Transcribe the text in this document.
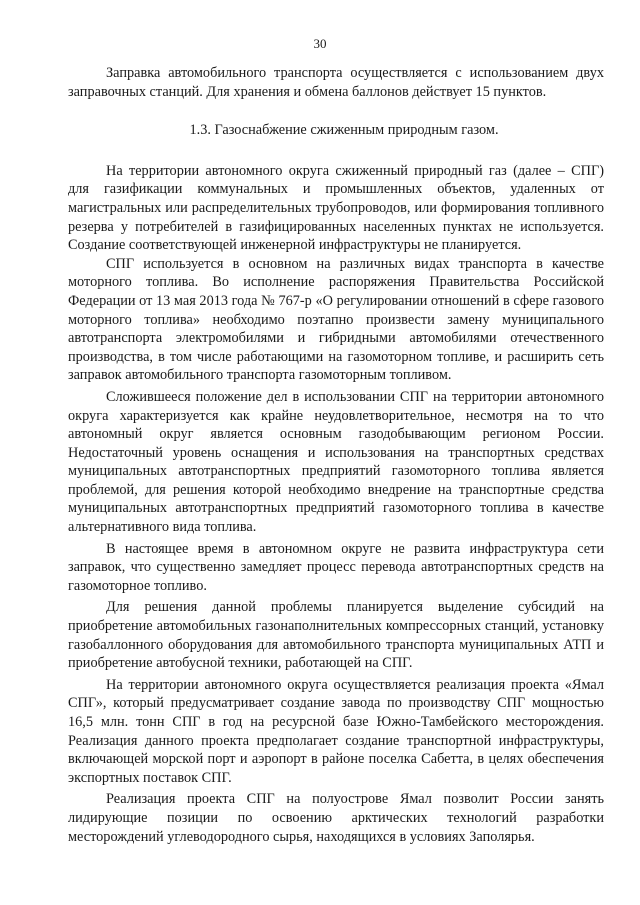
30

Заправка автомобильного транспорта осуществляется с использованием двух заправочных станций. Для хранения и обмена баллонов действует 15 пунктов.

1.3. Газоснабжение сжиженным природным газом.

На территории автономного округа сжиженный природный газ (далее – СПГ) для газификации коммунальных и промышленных объектов, удаленных от магистральных или распределительных трубопроводов, или формирования топливного резерва у потребителей в газифицированных населенных пунктах не используется. Создание соответствующей инженерной инфраструктуры не планируется.

СПГ используется в основном на различных видах транспорта в качестве моторного топлива. Во исполнение распоряжения Правительства Российской Федерации от 13 мая 2013 года № 767-р «О регулировании отношений в сфере газового моторного топлива» необходимо поэтапно произвести замену муниципального автотранспорта электромобилями и гибридными автомобилями отечественного производства, в том числе работающими на газомоторном топливе, и расширить сеть заправок автомобильного транспорта газомоторным топливом.

Сложившееся положение дел в использовании СПГ на территории автономного округа характеризуется как крайне неудовлетворительное, несмотря на то что автономный округ является основным газодобывающим регионом России. Недостаточный уровень оснащения и использования на транспортных средствах муниципальных автотранспортных предприятий газомоторного топлива является проблемой, для решения которой необходимо внедрение на транспортные средства муниципальных автотранспортных предприятий газомоторного топлива в качестве альтернативного вида топлива.

В настоящее время в автономном округе не развита инфраструктура сети заправок, что существенно замедляет процесс перевода автотранспортных средств на газомоторное топливо.

Для решения данной проблемы планируется выделение субсидий на приобретение автомобильных газонаполнительных компрессорных станций, установку газобаллонного оборудования для автомобильного транспорта муниципальных АТП и приобретение автобусной техники, работающей на СПГ.

На территории автономного округа осуществляется реализация проекта «Ямал СПГ», который предусматривает создание завода по производству СПГ мощностью 16,5 млн. тонн СПГ в год на ресурсной базе Южно-Тамбейского месторождения. Реализация данного проекта предполагает создание транспортной инфраструктуры, включающей морской порт и аэропорт в районе поселка Сабетта, в целях обеспечения экспортных поставок СПГ.

Реализация проекта СПГ на полуострове Ямал позволит России занять лидирующие позиции по освоению арктических технологий разработки месторождений углеводородного сырья, находящихся в условиях Заполярья.
